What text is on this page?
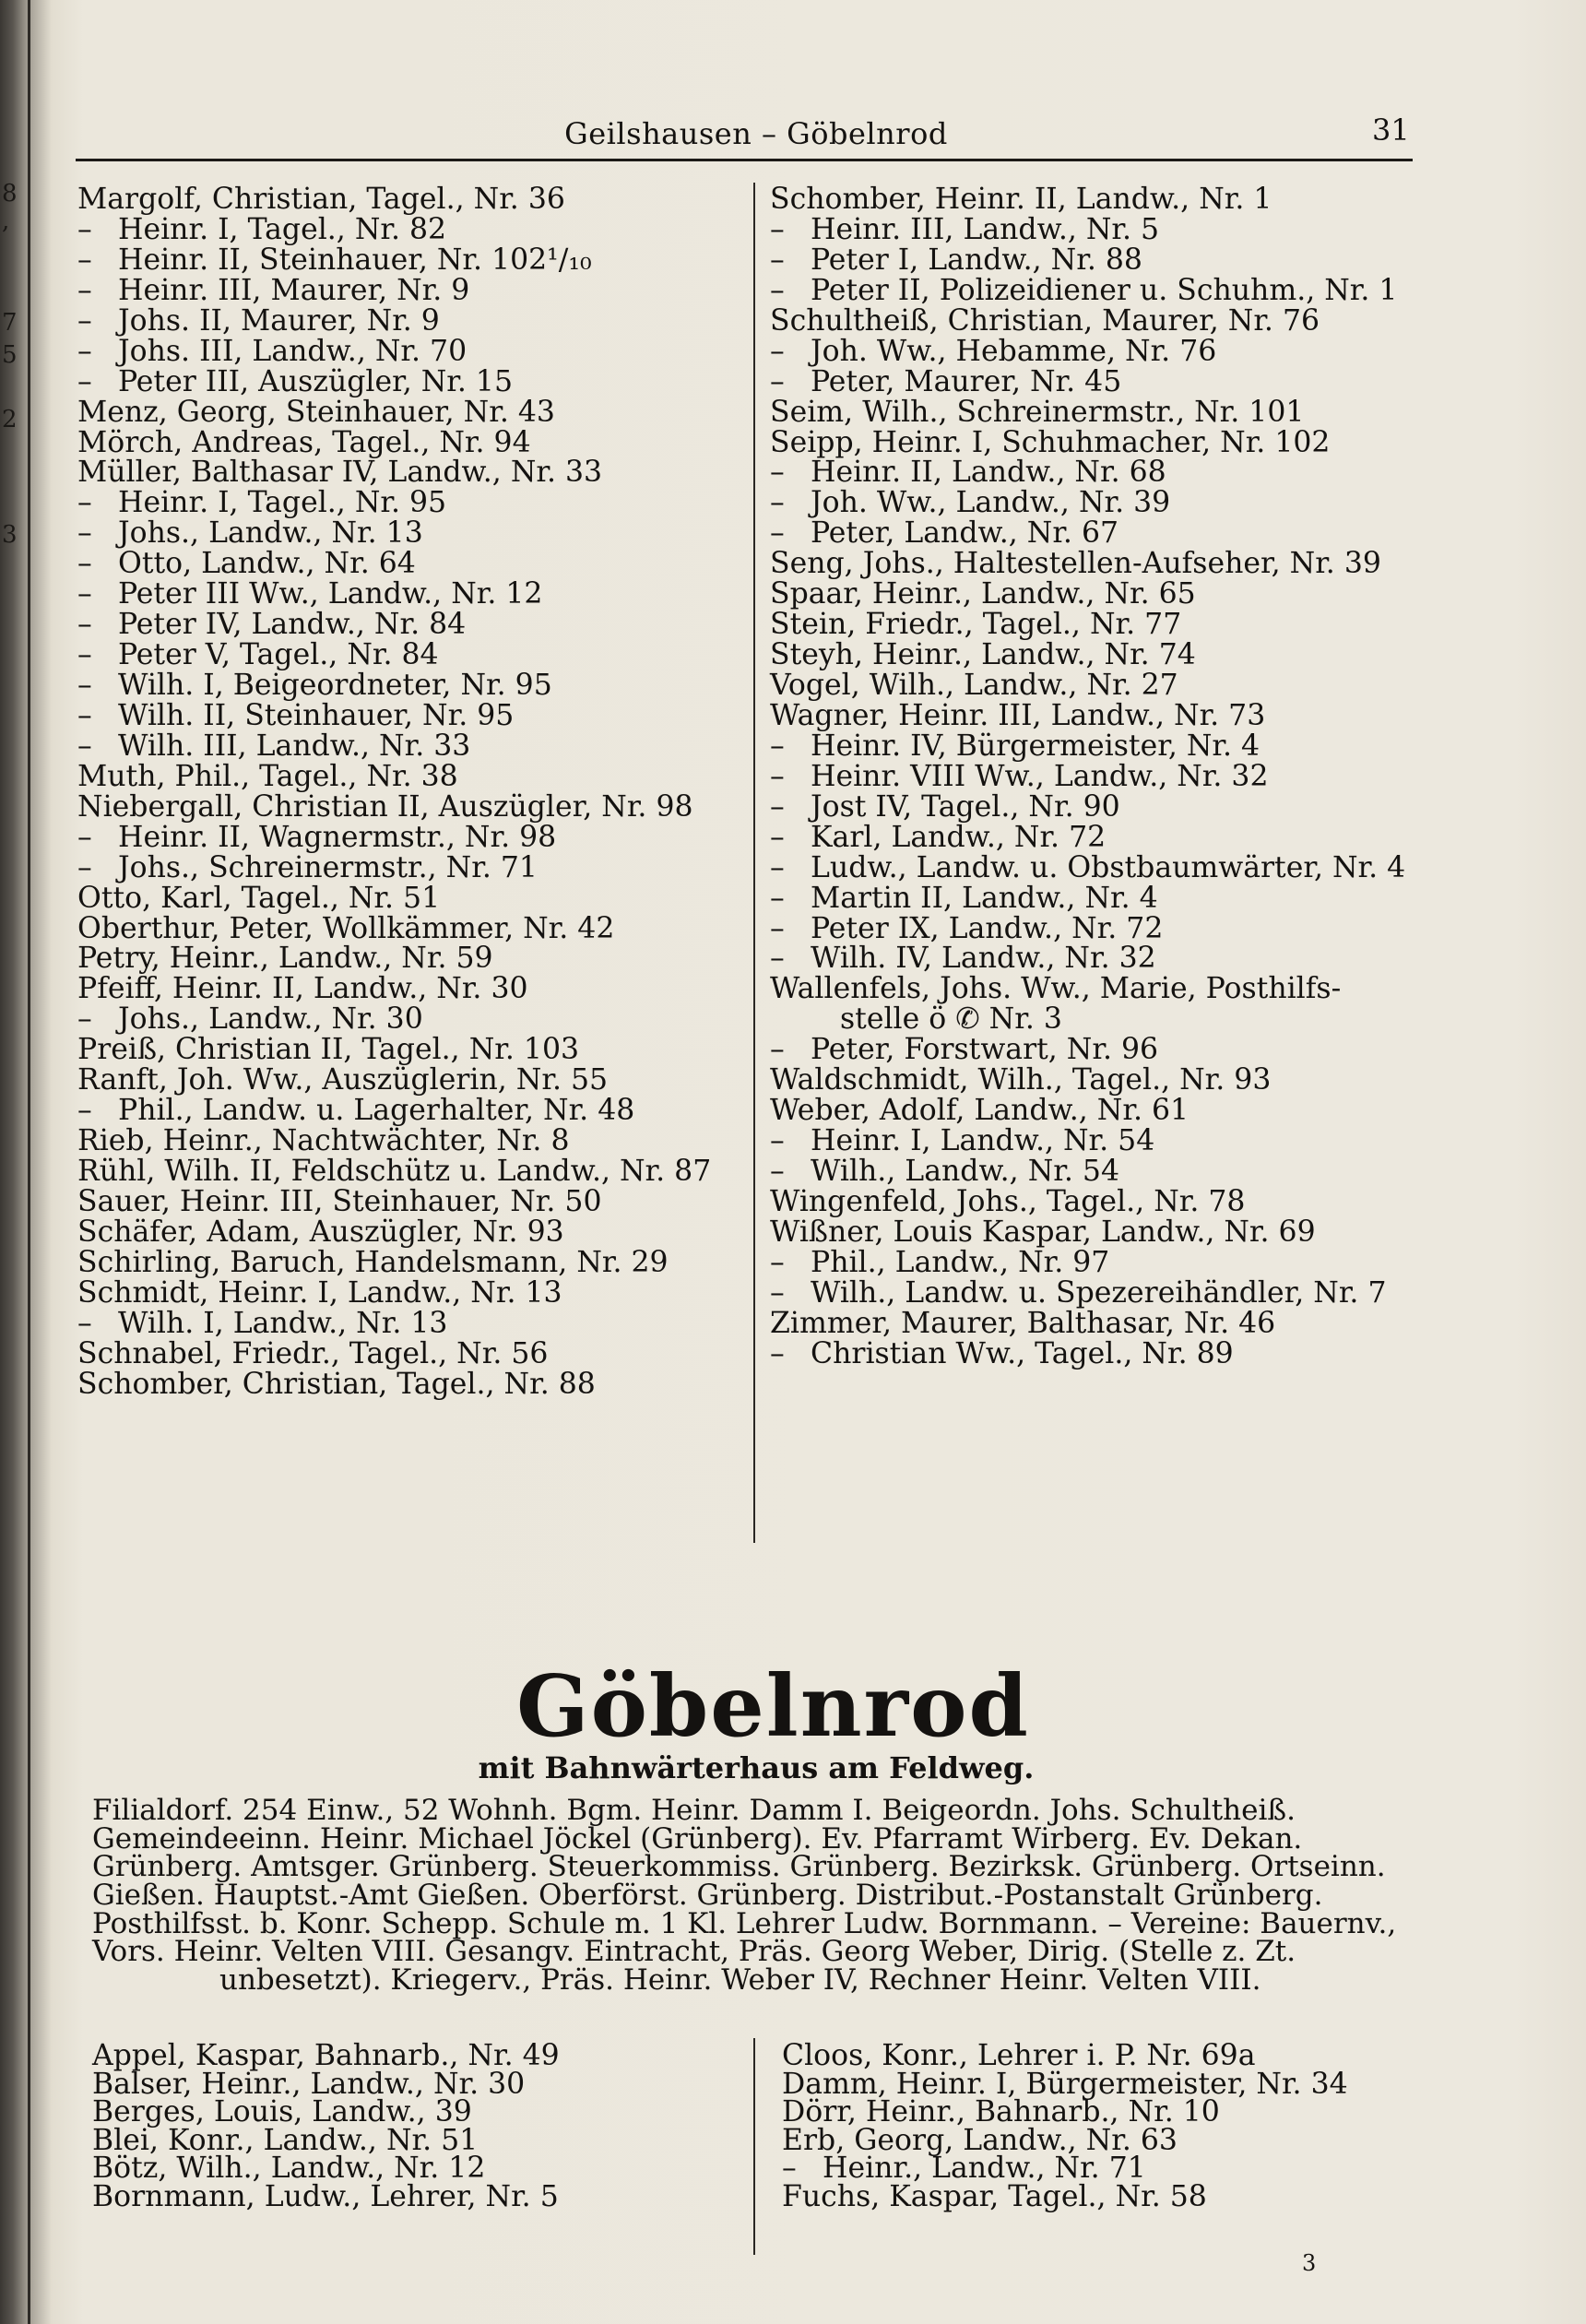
8
,
7
5
2
3
Geilshausen – Göbelnrod	31
Margolf, Christian, Tagel., Nr. 36
– Heinr. I, Tagel., Nr. 82
– Heinr. II, Steinhauer, Nr. 102¹/₁₀
– Heinr. III, Maurer, Nr. 9
– Johs. II, Maurer, Nr. 9
– Johs. III, Landw., Nr. 70
– Peter III, Auszügler, Nr. 15
Menz, Georg, Steinhauer, Nr. 43
Mörch, Andreas, Tagel., Nr. 94
Müller, Balthasar IV, Landw., Nr. 33
– Heinr. I, Tagel., Nr. 95
– Johs., Landw., Nr. 13
– Otto, Landw., Nr. 64
– Peter III Ww., Landw., Nr. 12
– Peter IV, Landw., Nr. 84
– Peter V, Tagel., Nr. 84
– Wilh. I, Beigeordneter, Nr. 95
– Wilh. II, Steinhauer, Nr. 95
– Wilh. III, Landw., Nr. 33
Muth, Phil., Tagel., Nr. 38
Niebergall, Christian II, Auszügler, Nr. 98
– Heinr. II, Wagnermstr., Nr. 98
– Johs., Schreinermstr., Nr. 71
Otto, Karl, Tagel., Nr. 51
Oberthur, Peter, Wollkämmer, Nr. 42
Petry, Heinr., Landw., Nr. 59
Pfeiff, Heinr. II, Landw., Nr. 30
– Johs., Landw., Nr. 30
Preiß, Christian II, Tagel., Nr. 103
Ranft, Joh. Ww., Auszüglerin, Nr. 55
– Phil., Landw. u. Lagerhalter, Nr. 48
Rieb, Heinr., Nachtwächter, Nr. 8
Rühl, Wilh. II, Feldschütz u. Landw., Nr. 87
Sauer, Heinr. III, Steinhauer, Nr. 50
Schäfer, Adam, Auszügler, Nr. 93
Schirling, Baruch, Handelsmann, Nr. 29
Schmidt, Heinr. I, Landw., Nr. 13
– Wilh. I, Landw., Nr. 13
Schnabel, Friedr., Tagel., Nr. 56
Schomber, Christian, Tagel., Nr. 88
Schomber, Heinr. II, Landw., Nr. 1
– Heinr. III, Landw., Nr. 5
– Peter I, Landw., Nr. 88
– Peter II, Polizeidiener u. Schuhm., Nr. 1
Schultheiß, Christian, Maurer, Nr. 76
– Joh. Ww., Hebamme, Nr. 76
– Peter, Maurer, Nr. 45
Seim, Wilh., Schreinermstr., Nr. 101
Seipp, Heinr. I, Schuhmacher, Nr. 102
– Heinr. II, Landw., Nr. 68
– Joh. Ww., Landw., Nr. 39
– Peter, Landw., Nr. 67
Seng, Johs., Haltestellen-Aufseher, Nr. 39
Spaar, Heinr., Landw., Nr. 65
Stein, Friedr., Tagel., Nr. 77
Steyh, Heinr., Landw., Nr. 74
Vogel, Wilh., Landw., Nr. 27
Wagner, Heinr. III, Landw., Nr. 73
– Heinr. IV, Bürgermeister, Nr. 4
– Heinr. VIII Ww., Landw., Nr. 32
– Jost IV, Tagel., Nr. 90
– Karl, Landw., Nr. 72
– Ludw., Landw. u. Obstbaumwärter, Nr. 4
– Martin II, Landw., Nr. 4
– Peter IX, Landw., Nr. 72
– Wilh. IV, Landw., Nr. 32
Wallenfels, Johs. Ww., Marie, Posthilfs-
stelle ö ✆ Nr. 3
– Peter, Forstwart, Nr. 96
Waldschmidt, Wilh., Tagel., Nr. 93
Weber, Adolf, Landw., Nr. 61
– Heinr. I, Landw., Nr. 54
– Wilh., Landw., Nr. 54
Wingenfeld, Johs., Tagel., Nr. 78
Wißner, Louis Kaspar, Landw., Nr. 69
– Phil., Landw., Nr. 97
– Wilh., Landw. u. Spezereihändler, Nr. 7
Zimmer, Maurer, Balthasar, Nr. 46
– Christian Ww., Tagel., Nr. 89
Göbelnrod
mit Bahnwärterhaus am Feldweg.
Filialdorf. 254 Einw., 52 Wohnh. Bgm. Heinr. Damm I. Beigeordn. Johs. Schultheiß.
Gemeindeeinn. Heinr. Michael Jöckel (Grünberg). Ev. Pfarramt Wirberg. Ev. Dekan.
Grünberg. Amtsger. Grünberg. Steuerkommiss. Grünberg. Bezirksk. Grünberg. Ortseinn.
Gießen. Hauptst.-Amt Gießen. Oberförst. Grünberg. Distribut.-Postanstalt Grünberg.
Posthilfsst. b. Konr. Schepp. Schule m. 1 Kl. Lehrer Ludw. Bornmann. – Vereine: Bauernv.,
Vors. Heinr. Velten VIII. Gesangv. Eintracht, Präs. Georg Weber, Dirig. (Stelle z. Zt.
unbesetzt). Kriegerv., Präs. Heinr. Weber IV, Rechner Heinr. Velten VIII.
Appel, Kaspar, Bahnarb., Nr. 49
Balser, Heinr., Landw., Nr. 30
Berges, Louis, Landw., 39
Blei, Konr., Landw., Nr. 51
Bötz, Wilh., Landw., Nr. 12
Bornmann, Ludw., Lehrer, Nr. 5
Cloos, Konr., Lehrer i. P. Nr. 69a
Damm, Heinr. I, Bürgermeister, Nr. 34
Dörr, Heinr., Bahnarb., Nr. 10
Erb, Georg, Landw., Nr. 63
– Heinr., Landw., Nr. 71
Fuchs, Kaspar, Tagel., Nr. 58
3
